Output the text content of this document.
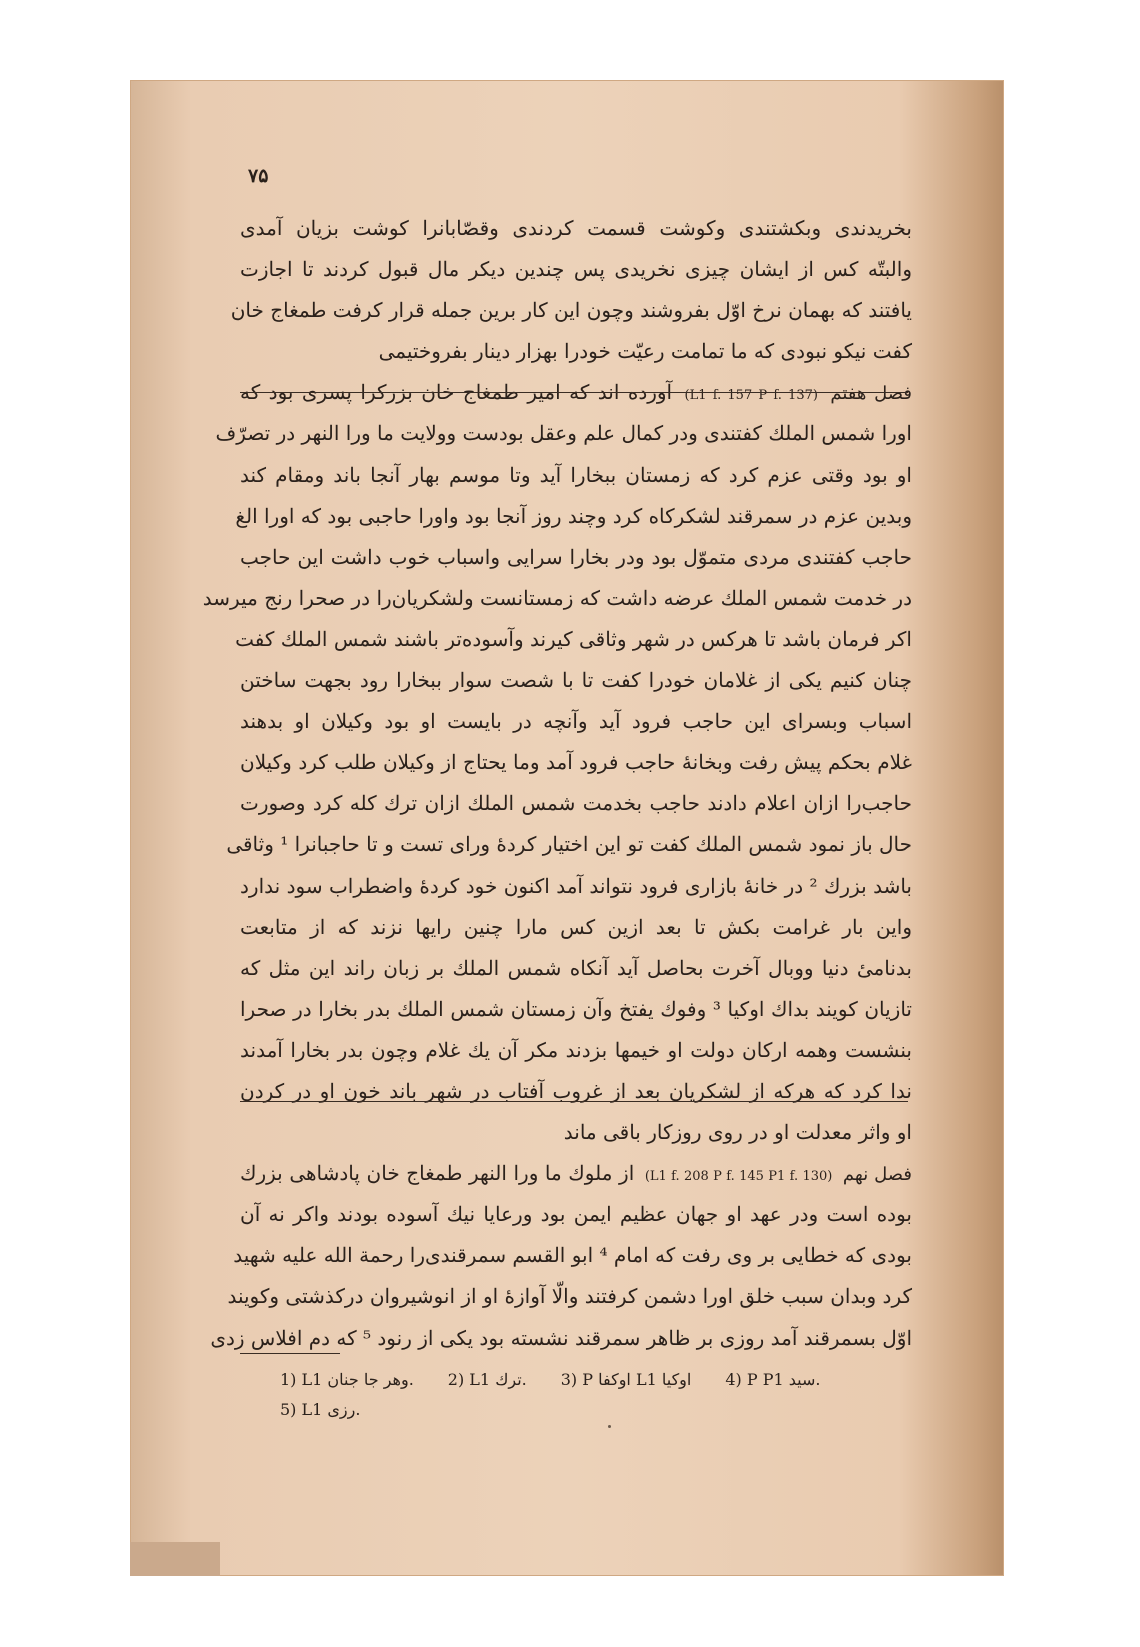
۷۵
بخریدندی وبکشتندی وکوشت قسمت کردندی وقصّابانرا کوشت بزیان آمدی
والبتّه کس از ایشان چیزی نخریدی پس چندین دیکر مال قبول کردند تا اجازت
یافتند که بهمان نرخ اوّل بفروشند وچون این کار برین جمله قرار کرفت طمغاج خان
کفت نیکو نبودی که ما تمامت رعیّت خودرا بهزار دینار بفروختیمی
فصل هفتم (L1 f. 157 P f. 137) آورده اند که امیر طمغاج خان بزرکرا پسری بود که
اورا شمس الملك کفتندی ودر کمال علم وعقل بودست وولایت ما ورا النهر در تصرّف
او بود وقتی عزم کرد که زمستان ببخارا آید وتا موسم بهار آنجا باند ومقام کند
وبدین عزم در سمرقند لشکرکاه کرد وچند روز آنجا بود واورا حاجبی بود که اورا الغ
حاجب کفتندی مردی متموّل بود ودر بخارا سرایی واسباب خوب داشت این حاجب
در خدمت شمس الملك عرضه داشت که زمستانست ولشکریان‌را در صحرا رنج میرسد
اکر فرمان باشد تا هرکس در شهر وثاقی کیرند وآسوده‌تر باشند شمس الملك کفت
چنان کنیم یکی از غلامان خودرا کفت تا با شصت سوار ببخارا رود بجهت ساختن
اسباب وبسرای این حاجب فرود آید وآنچه در بایست او بود وکیلان او بدهند
غلام بحکم پیش رفت وبخانهٔ حاجب فرود آمد وما یحتاج از وکیلان طلب کرد وکیلان
حاجب‌را ازان اعلام دادند حاجب بخدمت شمس الملك ازان ترك کله کرد وصورت
حال باز نمود شمس الملك کفت تو این اختیار کردهٔ ورای تست و تا حاجبانرا ¹ وثاقی
باشد بزرك ² در خانهٔ بازاری فرود نتواند آمد اکنون خود کردهٔ واضطراب سود ندارد
واین بار غرامت بکش تا بعد ازین کس مارا چنین رایها نزند که از متابعت
بدنامیٔ دنیا ووبال آخرت بحاصل آید آنکاه شمس الملك بر زبان راند این مثل که
تازیان کویند بداك اوکیا ³ وفوك یفتخ وآن زمستان شمس الملك بدر بخارا در صحرا
بنشست وهمه ارکان دولت او خیمها بزدند مکر آن یك غلام وچون بدر بخارا آمدند
ندا کرد که هرکه از لشکریان بعد از غروب آفتاب در شهر باند خون او در کردن
او واثر معدلت او در روی روزکار باقی ماند
فصل نهم (L1 f. 208 P f. 145 P1 f. 130) از ملوك ما ورا النهر طمغاج خان پادشاهی بزرك
بوده است ودر عهد او جهان عظیم ایمن بود ورعایا نیك آسوده بودند واکر نه آن
بودی که خطایی بر وی رفت که امام ⁴ ابو القسم سمرقندی‌را رحمة الله علیه شهید
کرد وبدان سبب خلق اورا دشمن کرفتند والّا آوازهٔ او از انوشیروان درکذشتی وکویند
اوّل بسمرقند آمد روزی بر ظاهر سمرقند نشسته بود یکی از رنود ⁵ که دم افلاس زدی
1) L1 وهر جا جنان. 2) L1 ترك. 3) P اوکفا L1 اوکیا 4) P P1 سید.
5) L1 رزی.
